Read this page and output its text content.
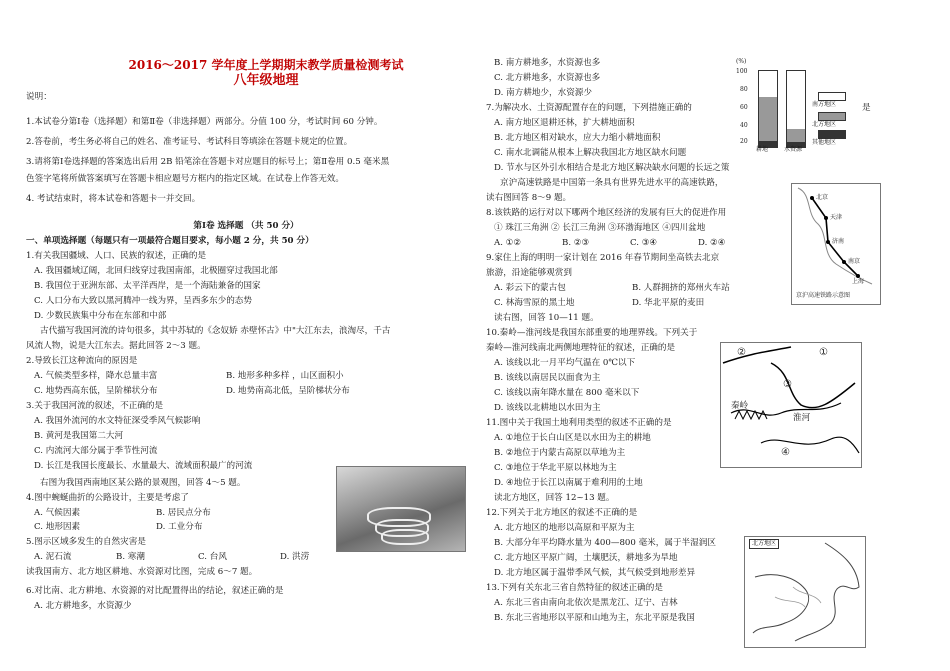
2016～2017 学年度上学期期末教学质量检测考试
八年级地理
说明：
1.本试卷分第Ⅰ卷（选择题）和第Ⅱ卷（非选择题）两部分。分值 100 分，考试时间 60 分钟。
2.答卷前，考生务必将自己的姓名、准考证号、考试科目等填涂在答题卡规定的位置。
3.请将第Ⅰ卷选择题的答案选出后用 2B 铅笔涂在答题卡对应题目的标号上；第Ⅱ卷用 0.5 毫米黑
色签字笔将所做答案填写在答题卡相应题号方框内的指定区域。在试卷上作答无效。
4. 考试结束时，将本试卷和答题卡一并交回。
第Ⅰ卷 选择题 （共 50 分）
一、单项选择题（每题只有一项最符合题目要求，每小题 2 分，共 50 分）
1.有关我国疆域、人口、民族的叙述，正确的是
A. 我国疆域辽阔，北回归线穿过我国南部，北极圈穿过我国北部
B. 我国位于亚洲东部、太平洋西岸，是一个海陆兼备的国家
C. 人口分布大致以黑河腾冲一线为界，呈西多东少的态势
D. 少数民族集中分布在东部和中部
古代描写我国河流的诗句很多，其中苏轼的《念奴娇 赤壁怀古》中"大江东去，浪淘尽，千古
风流人物，说是大江东去。据此回答 2～3 题。
2.导致长江这种流向的原因是
A. 气候类型多样，降水总量丰富	B. 地形多种多样 ，山区面积小
C. 地势西高东低，呈阶梯状分布	D. 地势南高北低，呈阶梯状分布
3.关于我国河流的叙述，不正确的是
A. 我国外流河的水文特征深受季风气候影响
B. 黄河是我国第二大河
C. 内流河大部分属于季节性河流
D. 长江是我国长度最长、水量最大、流域面积最广的河流
右图为我国西南地区某公路的景观图，回答 4～5 题。
4.图中蜿蜒曲折的公路设计，主要是考虑了
A. 气候因素	B. 居民点分布
C. 地形因素	D. 工业分布
5.图示区域多发生的自然灾害是
A. 泥石流	B. 寒潮	C. 台风	D. 洪涝
读我国南方、北方地区耕地、水资源对比图，完成 6～7 题。
6.对比南、北方耕地、水资源的对比配置得出的结论，叙述正确的是
A. 北方耕地多，水资源少
B. 南方耕地多，水资源也多
C. 北方耕地多，水资源也多
D. 南方耕地少，水资源少
7.为解决水、土资源配置存在的问题，下列措施正确的	是
A. 南方地区退耕还林，扩大耕地面积
B. 北方地区相对缺水，应大力缩小耕地面积
C. 南水北调能从根本上解决我国北方地区缺水问题
D. 节水与区外引水相结合是北方地区解决缺水问题的长远之策
京沪高速铁路是中国第一条具有世界先进水平的高速铁路，
读右图回答 8～9 题。
8.该铁路的运行对以下哪两个地区经济的发展有巨大的促进作用
① 珠江三角洲 ② 长江三角洲 ③环渤海地区 ④四川盆地
A. ①②	B. ②③	C. ③④	D. ②④
9.家住上海的明明一家计划在 2016 年春节期间坐高铁去北京
旅游，沿途能够观赏到
A. 彩云下的蒙古包	B. 人群拥挤的郑州火车站
C. 林海雪原的黑土地	D. 华北平原的麦田
读右图，回答 10—11 题。
10.秦岭—淮河线是我国东部重要的地理界线。下列关于
秦岭—淮河线南北两侧地理特征的叙述，正确的是
A. 该线以北一月平均气温在 0℃以下
B. 该线以南居民以面食为主
C. 该线以南年降水量在 800 毫米以下
D. 该线以北耕地以水田为主
11.图中关于我国土地利用类型的叙述不正确的是
A. ①地位于长白山区是以水田为主的耕地
B. ②地位于内蒙古高原以草地为主
C. ③地位于华北平原以林地为主
D. ④地位于长江以南属于难利用的土地
读北方地区，回答 12~13 题。
12.下列关于北方地区的叙述不正确的是
A. 北方地区的地形以高原和平原为主
B. 大部分年平均降水量为 400—800 毫米，属于半湿润区
C. 北方地区平原广阔，土壤肥沃，耕地多为旱地
D. 北方地区属于温带季风气候，其气候受到地形差异
13.下列有关东北三省自然特征的叙述正确的是
A. 东北三省由南向北依次是黑龙江、辽宁、吉林
B. 东北三省地形以平原和山地为主，东北平原是我国
(%)
100
80
60
40
20
耕地	水资源
南方地区
北方地区
其他地区
北京
天津
济南
南京
上海
京沪高速铁路示意图
②
③
①
④
秦岭
淮河
北方地区
